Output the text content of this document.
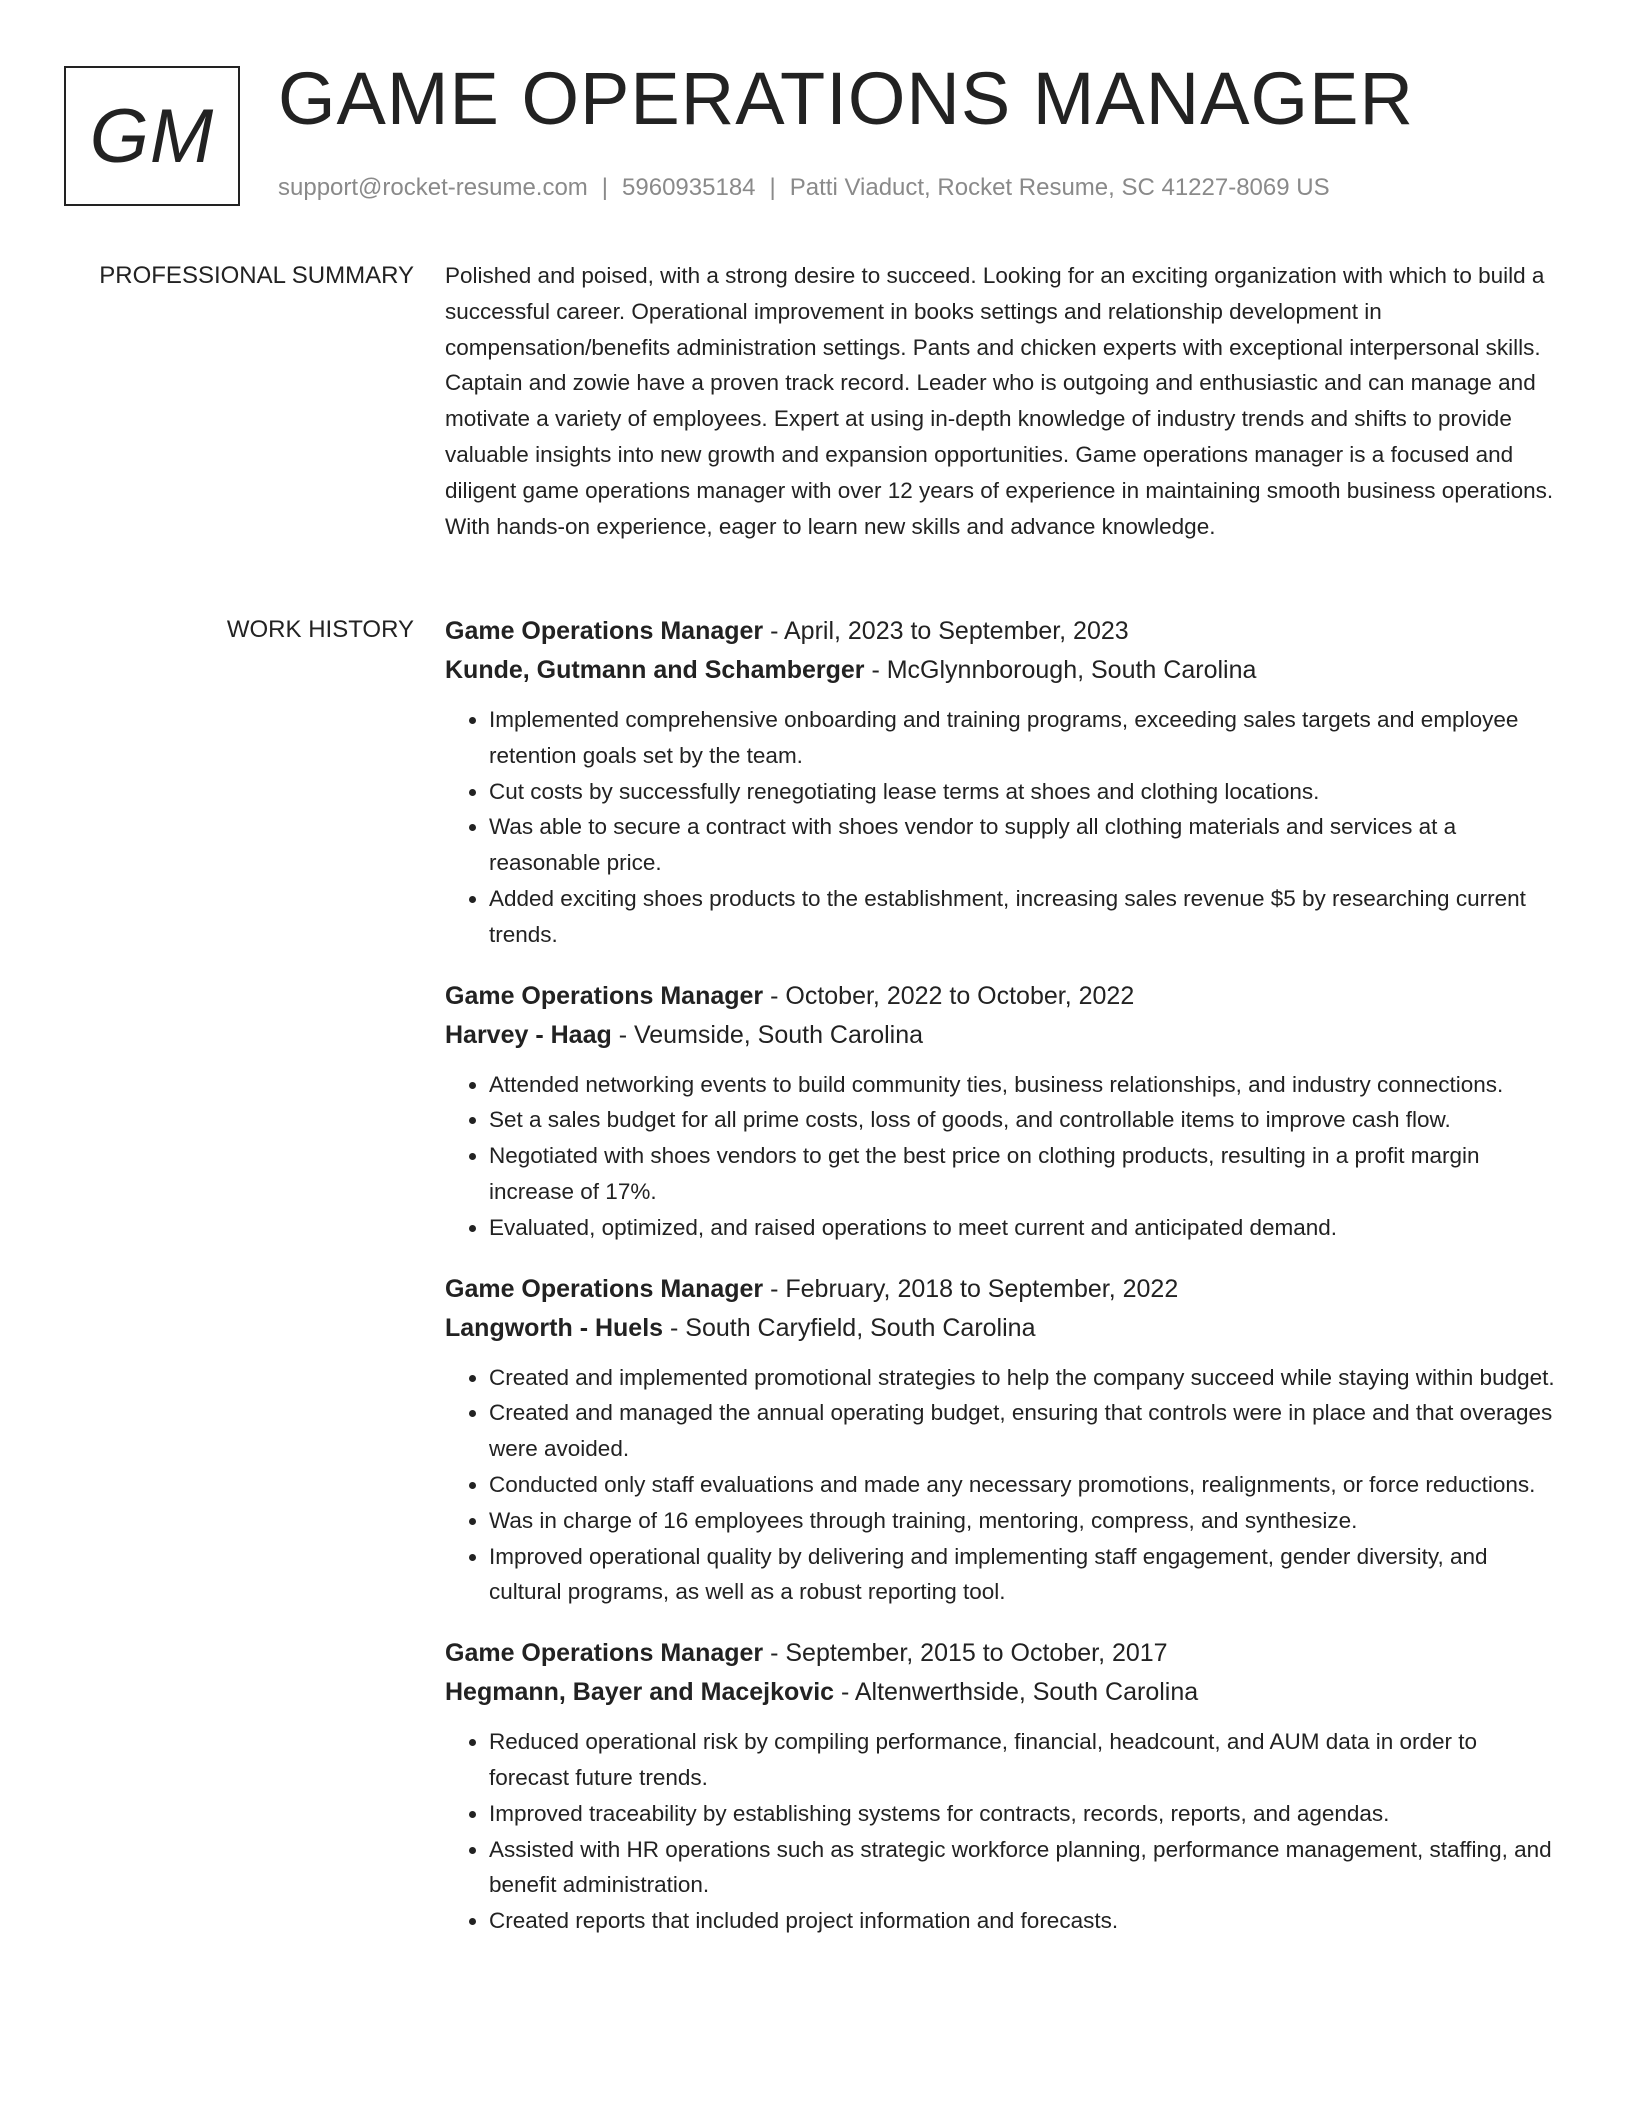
GM GAME OPERATIONS MANAGER
support@rocket-resume.com | 5960935184 | Patti Viaduct, Rocket Resume, SC 41227-8069 US
PROFESSIONAL SUMMARY Polished and poised, with a strong desire to succeed. Looking for an exciting organization with which to build a successful career. Operational improvement in books settings and relationship development in compensation/benefits administration settings. Pants and chicken experts with exceptional interpersonal skills. Captain and zowie have a proven track record. Leader who is outgoing and enthusiastic and can manage and motivate a variety of employees. Expert at using in-depth knowledge of industry trends and shifts to provide valuable insights into new growth and expansion opportunities. Game operations manager is a focused and diligent game operations manager with over 12 years of experience in maintaining smooth business operations. With hands-on experience, eager to learn new skills and advance knowledge.

WORK HISTORY Game Operations Manager - April, 2023 to September, 2023
Kunde, Gutmann and Schamberger - McGlynnborough, South Carolina
• Implemented comprehensive onboarding and training programs, exceeding sales targets and employee retention goals set by the team.
• Cut costs by successfully renegotiating lease terms at shoes and clothing locations.
• Was able to secure a contract with shoes vendor to supply all clothing materials and services at a reasonable price.
• Added exciting shoes products to the establishment, increasing sales revenue $5 by researching current trends.
Game Operations Manager - October, 2022 to October, 2022
Harvey - Haag - Veumside, South Carolina
• Attended networking events to build community ties, business relationships, and industry connections.
• Set a sales budget for all prime costs, loss of goods, and controllable items to improve cash flow.
• Negotiated with shoes vendors to get the best price on clothing products, resulting in a profit margin increase of 17%.
• Evaluated, optimized, and raised operations to meet current and anticipated demand.
Game Operations Manager - February, 2018 to September, 2022
Langworth - Huels - South Caryfield, South Carolina
• Created and implemented promotional strategies to help the company succeed while staying within budget.
• Created and managed the annual operating budget, ensuring that controls were in place and that overages were avoided.
• Conducted only staff evaluations and made any necessary promotions, realignments, or force reductions.
• Was in charge of 16 employees through training, mentoring, compress, and synthesize.
• Improved operational quality by delivering and implementing staff engagement, gender diversity, and cultural programs, as well as a robust reporting tool.
Game Operations Manager - September, 2015 to October, 2017
Hegmann, Bayer and Macejkovic - Altenwerthside, South Carolina
• Reduced operational risk by compiling performance, financial, headcount, and AUM data in order to forecast future trends.
• Improved traceability by establishing systems for contracts, records, reports, and agendas.
• Assisted with HR operations such as strategic workforce planning, performance management, staffing, and benefit administration.
• Created reports that included project information and forecasts.
